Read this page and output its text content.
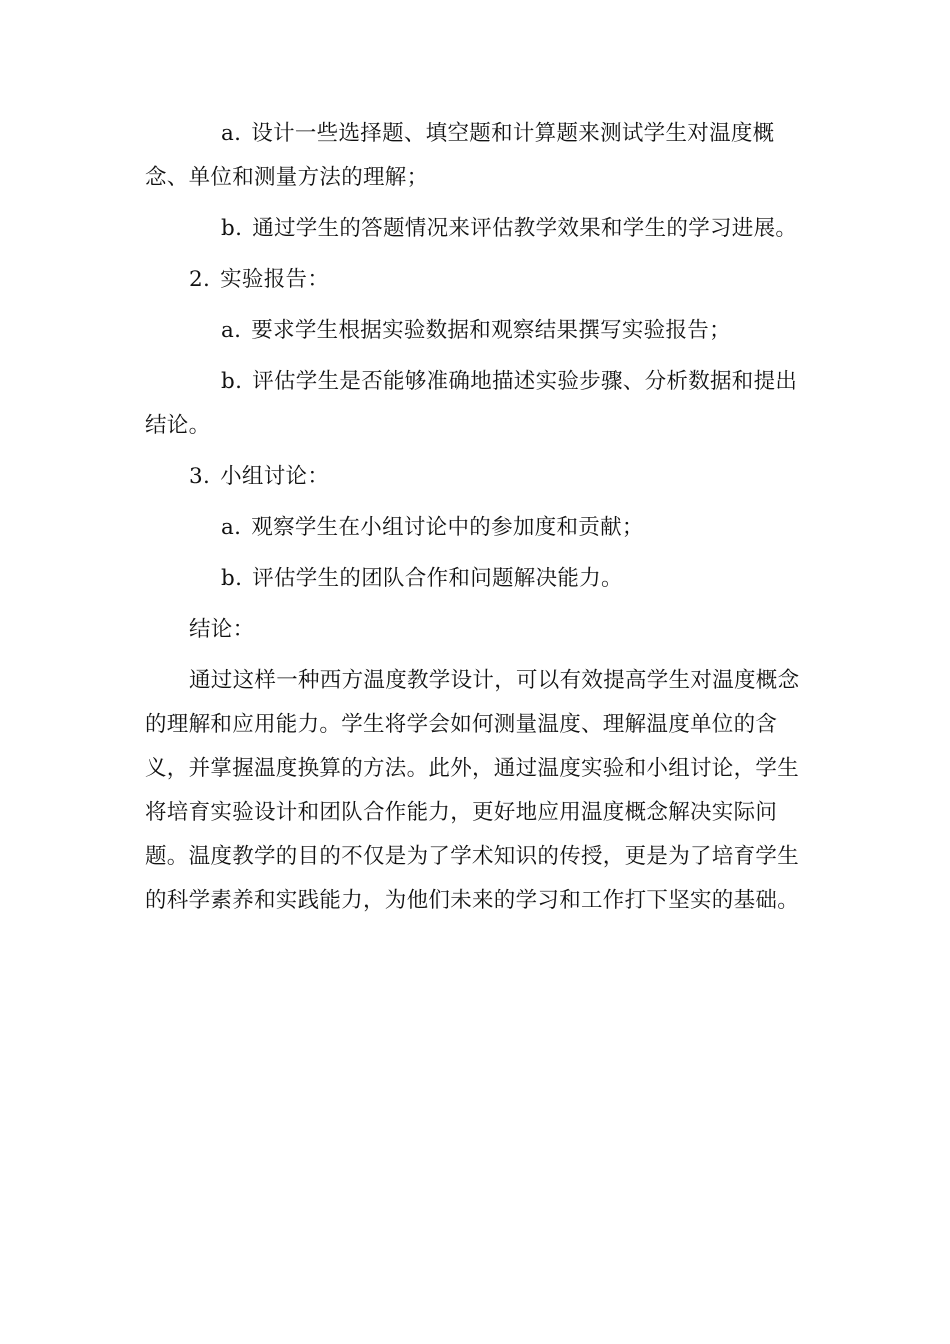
a. 设计一些选择题、填空题和计算题来测试学生对温度概念、单位和测量方法的理解；

b. 通过学生的答题情况来评估教学效果和学生的学习进展。

2. 实验报告：

a. 要求学生根据实验数据和观察结果撰写实验报告；

b. 评估学生是否能够准确地描述实验步骤、分析数据和提出结论。

3. 小组讨论：

a. 观察学生在小组讨论中的参加度和贡献；

b. 评估学生的团队合作和问题解决能力。

结论：

通过这样一种西方温度教学设计，可以有效提高学生对温度概念的理解和应用能力。学生将学会如何测量温度、理解温度单位的含义，并掌握温度换算的方法。此外，通过温度实验和小组讨论，学生将培育实验设计和团队合作能力，更好地应用温度概念解决实际问题。温度教学的目的不仅是为了学术知识的传授，更是为了培育学生的科学素养和实践能力，为他们未来的学习和工作打下坚实的基础。
